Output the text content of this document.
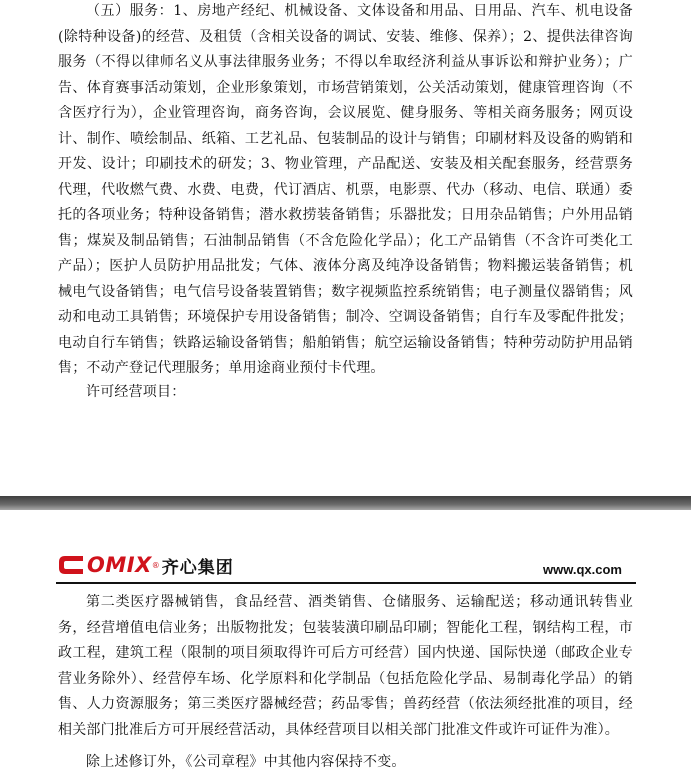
（五）服务：1、房地产经纪、机械设备、文体设备和用品、日用品、汽车、机电设备(除特种设备)的经营、及租赁（含相关设备的调试、安装、维修、保养）；2、提供法律咨询服务（不得以律师名义从事法律服务业务；不得以牟取经济利益从事诉讼和辩护业务）；广告、体育赛事活动策划，企业形象策划，市场营销策划，公关活动策划，健康管理咨询（不含医疗行为），企业管理咨询，商务咨询，会议展览、健身服务、等相关商务服务；网页设计、制作、喷绘制品、纸箱、工艺礼品、包装制品的设计与销售；印刷材料及设备的购销和开发、设计；印刷技术的研发；3、物业管理，产品配送、安装及相关配套服务，经营票务代理，代收燃气费、水费、电费，代订酒店、机票，电影票、代办（移动、电信、联通）委托的各项业务；特种设备销售；潜水救捞装备销售；乐器批发；日用杂品销售；户外用品销售；煤炭及制品销售；石油制品销售（不含危险化学品）；化工产品销售（不含许可类化工产品）；医护人员防护用品批发；气体、液体分离及纯净设备销售；物料搬运装备销售；机械电气设备销售；电气信号设备装置销售；数字视频监控系统销售；电子测量仪器销售；风动和电动工具销售；环境保护专用设备销售；制冷、空调设备销售；自行车及零配件批发；电动自行车销售；铁路运输设备销售；船舶销售；航空运输设备销售；特种劳动防护用品销售；不动产登记代理服务；单用途商业预付卡代理。

许可经营项目：

OMIX ® 齐心集团	www.qx.com

第二类医疗器械销售，食品经营、酒类销售、仓储服务、运输配送；移动通讯转售业务，经营增值电信业务；出版物批发；包装装潢印刷品印刷；智能化工程，钢结构工程，市政工程，建筑工程（限制的项目须取得许可后方可经营）国内快递、国际快递（邮政企业专营业务除外）、经营停车场、化学原料和化学制品（包括危险化学品、易制毒化学品）的销售、人力资源服务；第三类医疗器械经营；药品零售；兽药经营（依法须经批准的项目，经相关部门批准后方可开展经营活动，具体经营项目以相关部门批准文件或许可证件为准）。

除上述修订外，《公司章程》中其他内容保持不变。
